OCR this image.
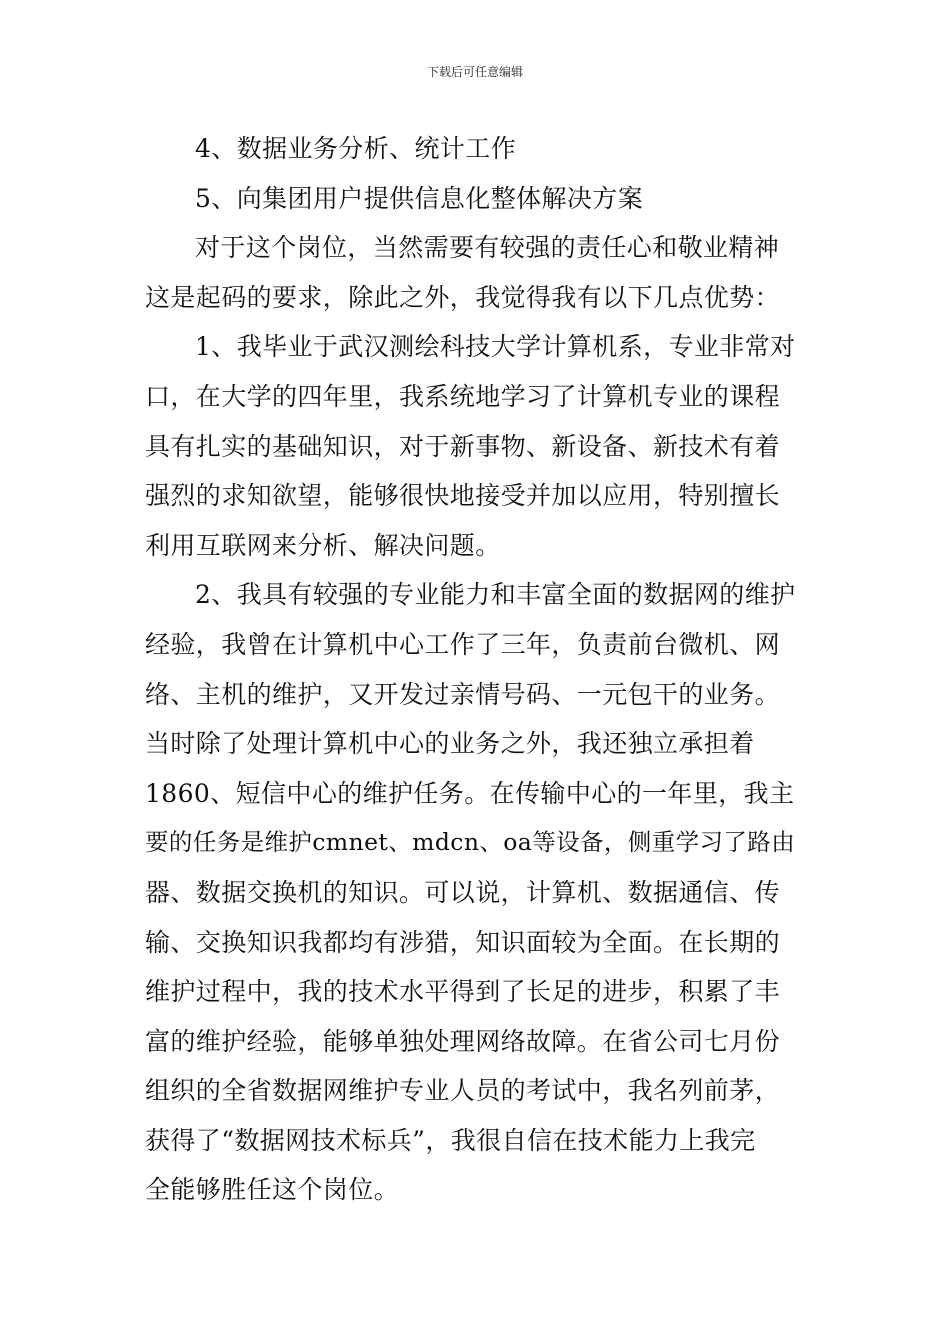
下载后可任意编辑
4、数据业务分析、统计工作
5、向集团用户提供信息化整体解决方案
对于这个岗位，当然需要有较强的责任心和敬业精神
这是起码的要求，除此之外，我觉得我有以下几点优势：
1、我毕业于武汉测绘科技大学计算机系，专业非常对
口，在大学的四年里，我系统地学习了计算机专业的课程
具有扎实的基础知识，对于新事物、新设备、新技术有着
强烈的求知欲望，能够很快地接受并加以应用，特别擅长
利用互联网来分析、解决问题。
2、我具有较强的专业能力和丰富全面的数据网的维护
经验，我曾在计算机中心工作了三年，负责前台微机、网
络、主机的维护，又开发过亲情号码、一元包干的业务。
当时除了处理计算机中心的业务之外，我还独立承担着
1860、短信中心的维护任务。在传输中心的一年里，我主
要的任务是维护cmnet、mdcn、oa等设备，侧重学习了路由
器、数据交换机的知识。可以说，计算机、数据通信、传
输、交换知识我都均有涉猎，知识面较为全面。在长期的
维护过程中，我的技术水平得到了长足的进步，积累了丰
富的维护经验，能够单独处理网络故障。在省公司七月份
组织的全省数据网维护专业人员的考试中，我名列前茅，
获得了“数据网技术标兵”，我很自信在技术能力上我完
全能够胜任这个岗位。
